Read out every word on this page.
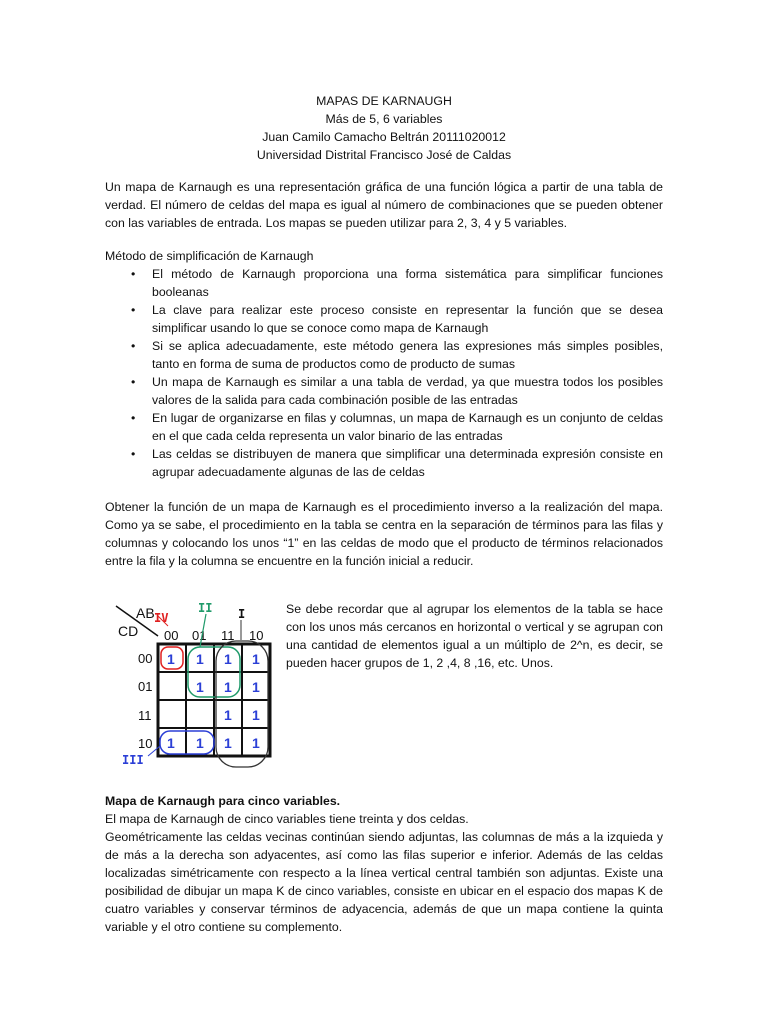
MAPAS DE KARNAUGH
Más de 5, 6 variables
Juan Camilo Camacho Beltrán 20111020012
Universidad Distrital Francisco José de Caldas
Un mapa de Karnaugh es una representación gráfica de una función lógica a partir de una tabla de verdad. El número de celdas del mapa es igual al número de combinaciones que se pueden obtener con las variables de entrada. Los mapas se pueden utilizar para 2, 3, 4 y 5 variables.
Método de simplificación de Karnaugh
• El método de Karnaugh proporciona una forma sistemática para simplificar funciones booleanas
• La clave para realizar este proceso consiste en representar la función que se desea simplificar usando lo que se conoce como mapa de Karnaugh
• Si se aplica adecuadamente, este método genera las expresiones más simples posibles, tanto en forma de suma de productos como de producto de sumas
• Un mapa de Karnaugh es similar a una tabla de verdad, ya que muestra todos los posibles valores de la salida para cada combinación posible de las entradas
• En lugar de organizarse en filas y columnas, un mapa de Karnaugh es un conjunto de celdas en el que cada celda representa un valor binario de las entradas
• Las celdas se distribuyen de manera que simplificar una determinada expresión consiste en agrupar adecuadamente algunas de las de celdas
Obtener la función de un mapa de Karnaugh es el procedimiento inverso a la realización del mapa. Como ya se sabe, el procedimiento en la tabla se centra en la separación de términos para las filas y columnas y colocando los unos “1” en las celdas de modo que el producto de términos relacionados entre la fila y la columna se encuentre en la función inicial a reducir.
AB
CD
IV
II I
III
00 01 11 10
00
01
11
10
1 1 1 1
1 1 1
1 1
1 1 1 1
Se debe recordar que al agrupar los elementos de la tabla se hace con los unos más cercanos en horizontal o vertical y se agrupan con una cantidad de elementos igual a un múltiplo de 2^n, es decir, se pueden hacer grupos de 1, 2 ,4, 8 ,16, etc. Unos.
Mapa de Karnaugh para cinco variables.
El mapa de Karnaugh de cinco variables tiene treinta y dos celdas.
Geométricamente las celdas vecinas continúan siendo adjuntas, las columnas de más a la izquieda y de más a la derecha son adyacentes, así como las filas superior e inferior. Además de las celdas localizadas simétricamente con respecto a la línea vertical central también son adjuntas. Existe una posibilidad de dibujar un mapa K de cinco variables, consiste en ubicar en el espacio dos mapas K de cuatro variables y conservar términos de adyacencia, además de que un mapa contiene la quinta variable y el otro contiene su complemento.
